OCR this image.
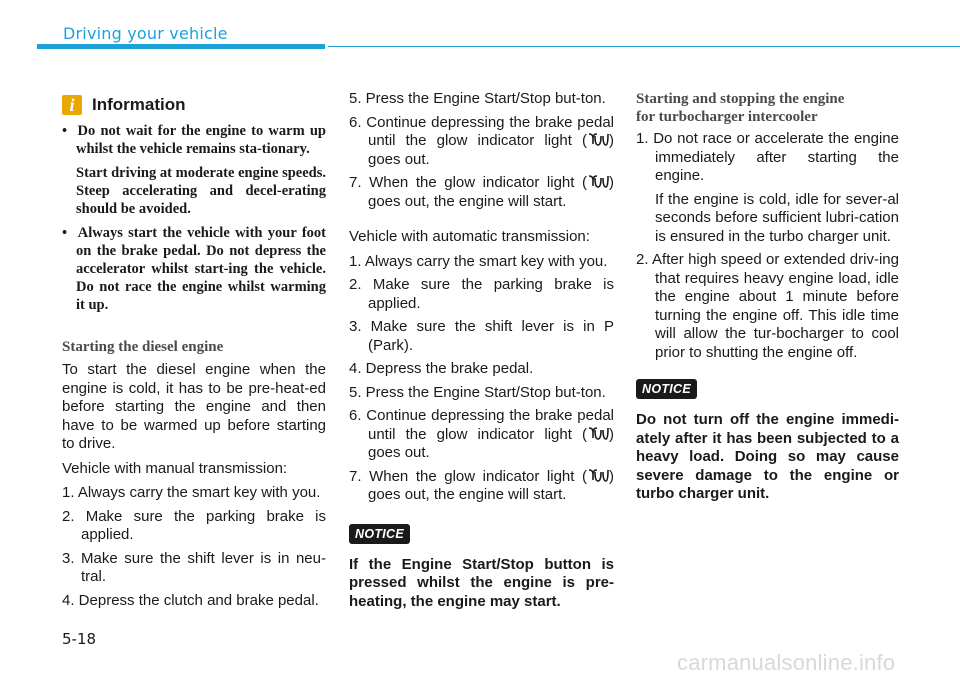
Driving your vehicle
i	Information

•  Do not wait for the engine to warm up whilst the vehicle remains sta-tionary.

Start driving at moderate engine speeds. Steep accelerating and decel-erating should be avoided.

•  Always start the vehicle with your foot on the brake pedal. Do not depress the accelerator whilst start-ing the vehicle. Do not race the engine whilst warming it up.

Starting the diesel engine

To start the diesel engine when the engine is cold, it has to be pre-heat-ed before starting the engine and then have to be warmed up before starting to drive.

Vehicle with manual transmission:

1. Always carry the smart key with you.

2. Make sure the parking brake is applied.

3. Make sure the shift lever is in neu-tral.

4. Depress the clutch and brake pedal.

5. Press the Engine Start/Stop but-ton.

6. Continue depressing the brake pedal until the glow indicator light ( ) goes out.

7. When the glow indicator light ( ) goes out, the engine will start.

Vehicle with automatic transmission:

1. Always carry the smart key with you.

2. Make sure the parking brake is applied.

3. Make sure the shift lever is in P (Park).

4. Depress the brake pedal.

5. Press the Engine Start/Stop but-ton.

6. Continue depressing the brake pedal until the glow indicator light ( ) goes out.

7. When the glow indicator light ( ) goes out, the engine will start.

NOTICE

If the Engine Start/Stop button is pressed whilst the engine is pre-heating, the engine may start.

Starting and stopping the engine
for turbocharger intercooler

1. Do not race or accelerate the engine immediately after starting the engine.

If the engine is cold, idle for sever-al seconds before sufficient lubri-cation is ensured in the turbo charger unit.

2. After high speed or extended driv-ing that requires heavy engine load, idle the engine about 1 minute before turning the engine off. This idle time will allow the tur-bocharger to cool prior to shutting the engine off.

NOTICE

Do not turn off the engine immedi-ately after it has been subjected to a heavy load. Doing so may cause severe damage to the engine or turbo charger unit.

5-18
carmanualsonline.info
